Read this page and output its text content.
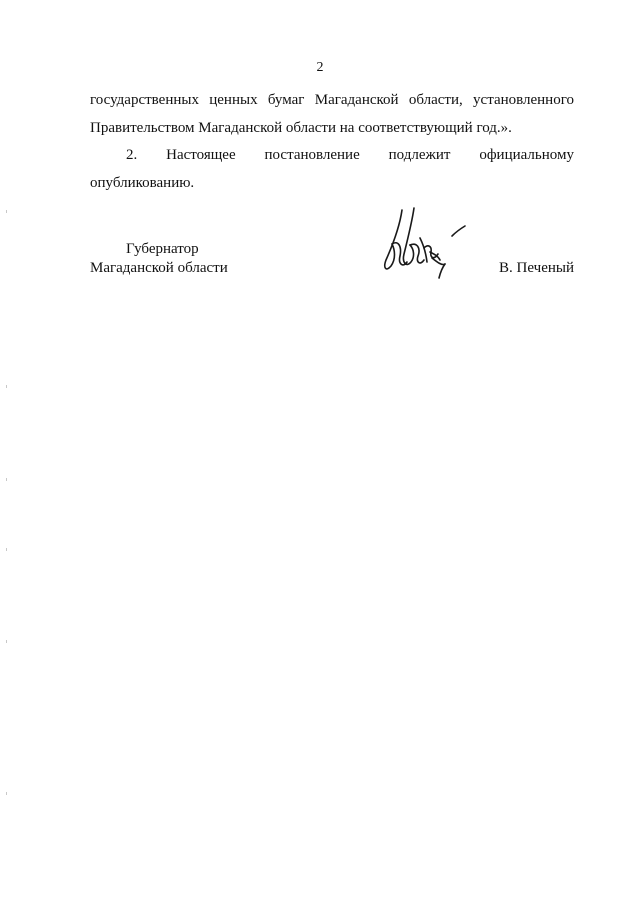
2

государственных ценных бумаг Магаданской области, установленного
Правительством Магаданской области на соответствующий год.».

2. Настоящее постановление подлежит официальному
опубликованию.

Губернатор
Магаданской области	В. Печеный
